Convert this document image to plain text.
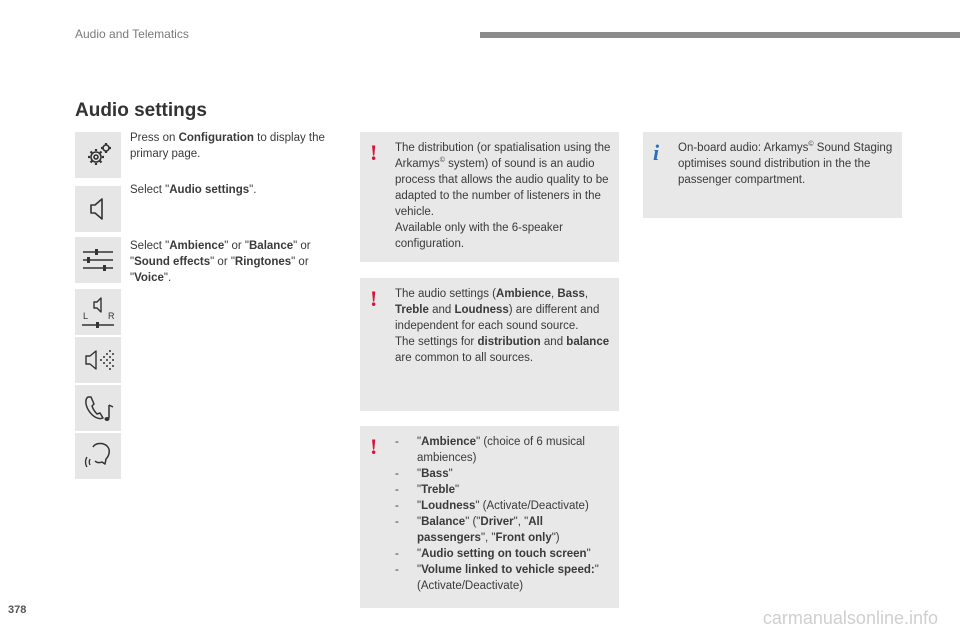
Audio and Telematics
Audio settings
L R
Press on Configuration to display the primary page.
Select "Audio settings".
Select "Ambience" or "Balance" or "Sound effects" or "Ringtones" or "Voice".
! The distribution (or spatialisation using the Arkamys© system) of sound is an audio process that allows the audio quality to be adapted to the number of listeners in the vehicle.
Available only with the 6-speaker configuration.
i On-board audio: Arkamys© Sound Staging optimises sound distribution in the the passenger compartment.
! The audio settings (Ambience, Bass, Treble and Loudness) are different and independent for each sound source.
The settings for distribution and balance are common to all sources.
! - "Ambience" (choice of 6 musical ambiences)
- "Bass"
- "Treble"
- "Loudness" (Activate/Deactivate)
- "Balance" ("Driver", "All passengers", "Front only")
- "Audio setting on touch screen"
- "Volume linked to vehicle speed:" (Activate/Deactivate)
378	carmanualsonline.info
